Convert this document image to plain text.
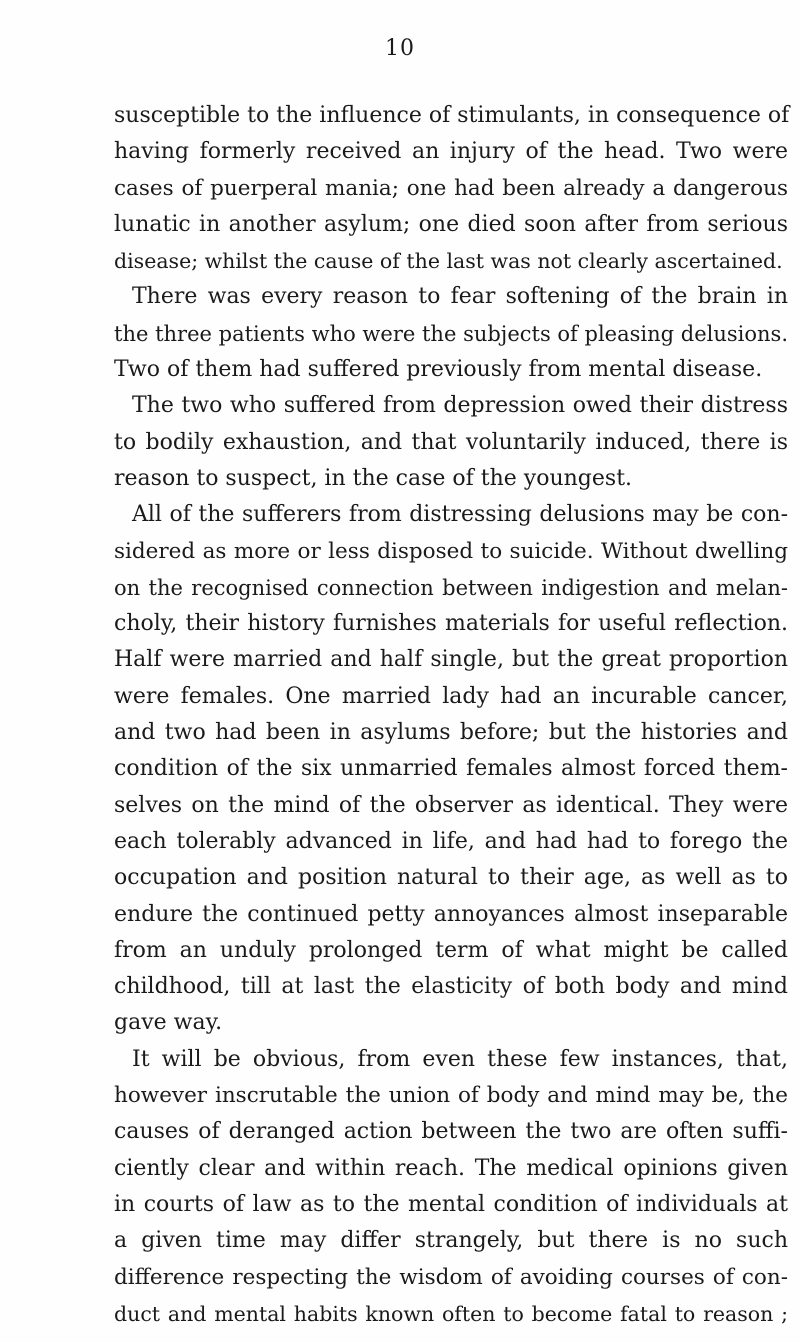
10
susceptible to the influence of stimulants, in consequence of
having formerly received an injury of the head. Two were
cases of puerperal mania; one had been already a dangerous
lunatic in another asylum; one died soon after from serious
disease; whilst the cause of the last was not clearly ascertained.
There was every reason to fear softening of the brain in
the three patients who were the subjects of pleasing delusions.
Two of them had suffered previously from mental disease.
The two who suffered from depression owed their distress
to bodily exhaustion, and that voluntarily induced, there is
reason to suspect, in the case of the youngest.
All of the sufferers from distressing delusions may be con-
sidered as more or less disposed to suicide. Without dwelling
on the recognised connection between indigestion and melan-
choly, their history furnishes materials for useful reflection.
Half were married and half single, but the great proportion
were females. One married lady had an incurable cancer,
and two had been in asylums before; but the histories and
condition of the six unmarried females almost forced them-
selves on the mind of the observer as identical. They were
each tolerably advanced in life, and had had to forego the
occupation and position natural to their age, as well as to
endure the continued petty annoyances almost inseparable
from an unduly prolonged term of what might be called
childhood, till at last the elasticity of both body and mind
gave way.
It will be obvious, from even these few instances, that,
however inscrutable the union of body and mind may be, the
causes of deranged action between the two are often suffi-
ciently clear and within reach. The medical opinions given
in courts of law as to the mental condition of individuals at
a given time may differ strangely, but there is no such
difference respecting the wisdom of avoiding courses of con-
duct and mental habits known often to become fatal to reason ;
